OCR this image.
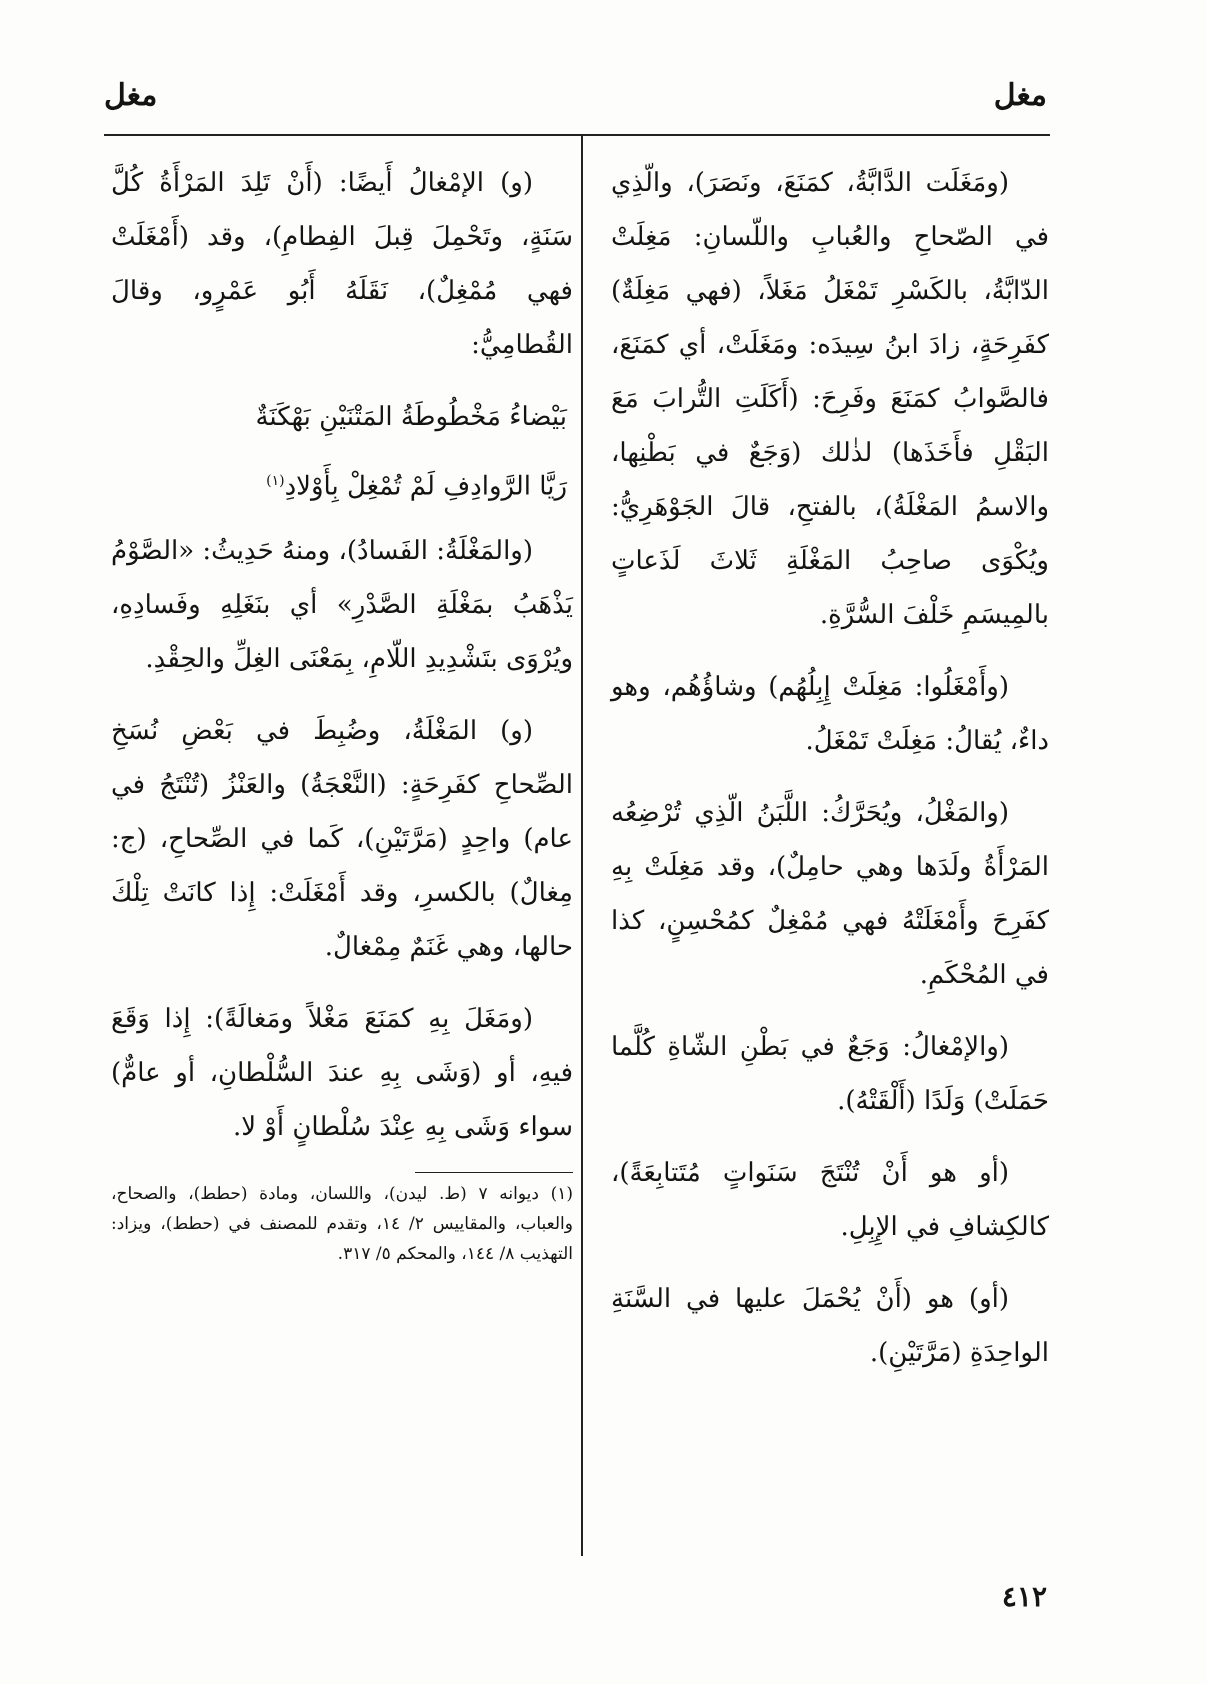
مغل
مغل

(ومَغَلَت الدَّابَّةُ، كمَنَعَ، ونَصَرَ)، والّذِي في الصّحاحِ والعُبابِ واللّسانِ: مَغِلَتْ الدّابَّةُ، بالكَسْرِ تَمْغَلُ مَغَلاً، (فهي مَغِلَةٌ) كفَرِحَةٍ، زادَ ابنُ سِيدَه: ومَغَلَتْ، أي كمَنَعَ، فالصَّوابُ كمَنَعَ وفَرِحَ: (أَكَلَتِ التُّرابَ مَعَ البَقْلِ فأَخَذَها) لذٰلك (وَجَعٌ في بَطْنِها، والاسمُ المَغْلَةُ)، بالفتحِ، قالَ الجَوْهَرِيُّ: ويُكْوَى صاحِبُ المَغْلَةِ ثَلاثَ لَذَعاتٍ بالمِيسَمِ خَلْفَ السُّرَّةِ.

(وأَمْغَلُوا: مَغِلَتْ إِبِلُهُم) وشاؤُهُم، وهو داءٌ، يُقالُ: مَغِلَتْ تَمْغَلُ.

(والمَغْلُ، ويُحَرَّكُ: اللَّبَنُ الّذِي تُرْضِعُه المَرْأَةُ ولَدَها وهي حامِلٌ)، وقد مَغِلَتْ بِهِ كفَرِحَ وأَمْغَلَتْهُ فهي مُمْغِلٌ كمُحْسِنٍ، كذا في المُحْكَمِ.

(والإمْغالُ: وَجَعٌ في بَطْنِ الشّاةِ كُلَّما حَمَلَتْ) وَلَدًا (أَلْقَتْهُ).

(أو هو أَنْ تُنْتَجَ سَنَواتٍ مُتَتابِعَةً)، كالكِشافِ في الإِبِلِ.

(أو) هو (أَنْ يُحْمَلَ عليها في السَّنَةِ الواحِدَةِ (مَرَّتَيْنِ).

(و) الإمْغالُ أَيضًا: (أَنْ تَلِدَ المَرْأَةُ كُلَّ سَنَةٍ، وتَحْمِلَ قِبلَ الفِطامِ)، وقد (أَمْغَلَتْ فهي مُمْغِلٌ)، نَقَلَهُ أَبُو عَمْرٍو، وقالَ القُطامِيُّ:

بَيْضاءُ مَخْطُوطَةُ المَتْنَيْنِ بَهْكَنَةٌ
رَيَّا الرَّوادِفِ لَمْ تُمْغِلْ بِأَوْلادِ$^{(١)}$

(والمَغْلَةُ: الفَسادُ)، ومنهُ حَدِيثُ: «الصَّوْمُ يَذْهَبُ بمَغْلَةِ الصَّدْرِ» أي بنَغَلِهِ وفَسادِهِ، ويُرْوَى بتَشْدِيدِ اللّامِ، بِمَعْنَى الغِلِّ والحِقْدِ.

(و) المَغْلَةُ، وضُبِطَ في بَعْضِ نُسَخِ الصِّحاحِ كفَرِحَةٍ: (النَّعْجَةُ) والعَنْزُ (تُنْتَجُ في عام) واحِدٍ (مَرَّتَيْنِ)، كَما في الصِّحاحِ، (ج: مِغالٌ) بالكسرِ، وقد أَمْغَلَتْ: إِذا كانَتْ تِلْكَ حالها، وهي غَنَمٌ مِمْغالٌ.

(ومَغَلَ بِهِ كمَنَعَ مَغْلاً ومَغالَةً): إِذا وَقَعَ فيهِ، أو (وَشَى بِهِ عندَ السُّلْطانِ، أو عامٌّ) سواء وَشَى بِهِ عِنْدَ سُلْطانٍ أَوْ لا.

(١) ديوانه ٧ (ط. ليدن)، واللسان، ومادة (حطط)، والصحاح، والعباب، والمقاييس ٢/ ١٤، وتقدم للمصنف في (حطط)، ويزاد: التهذيب ٨/ ١٤٤، والمحكم ٥/ ٣١٧.
٤١٢
